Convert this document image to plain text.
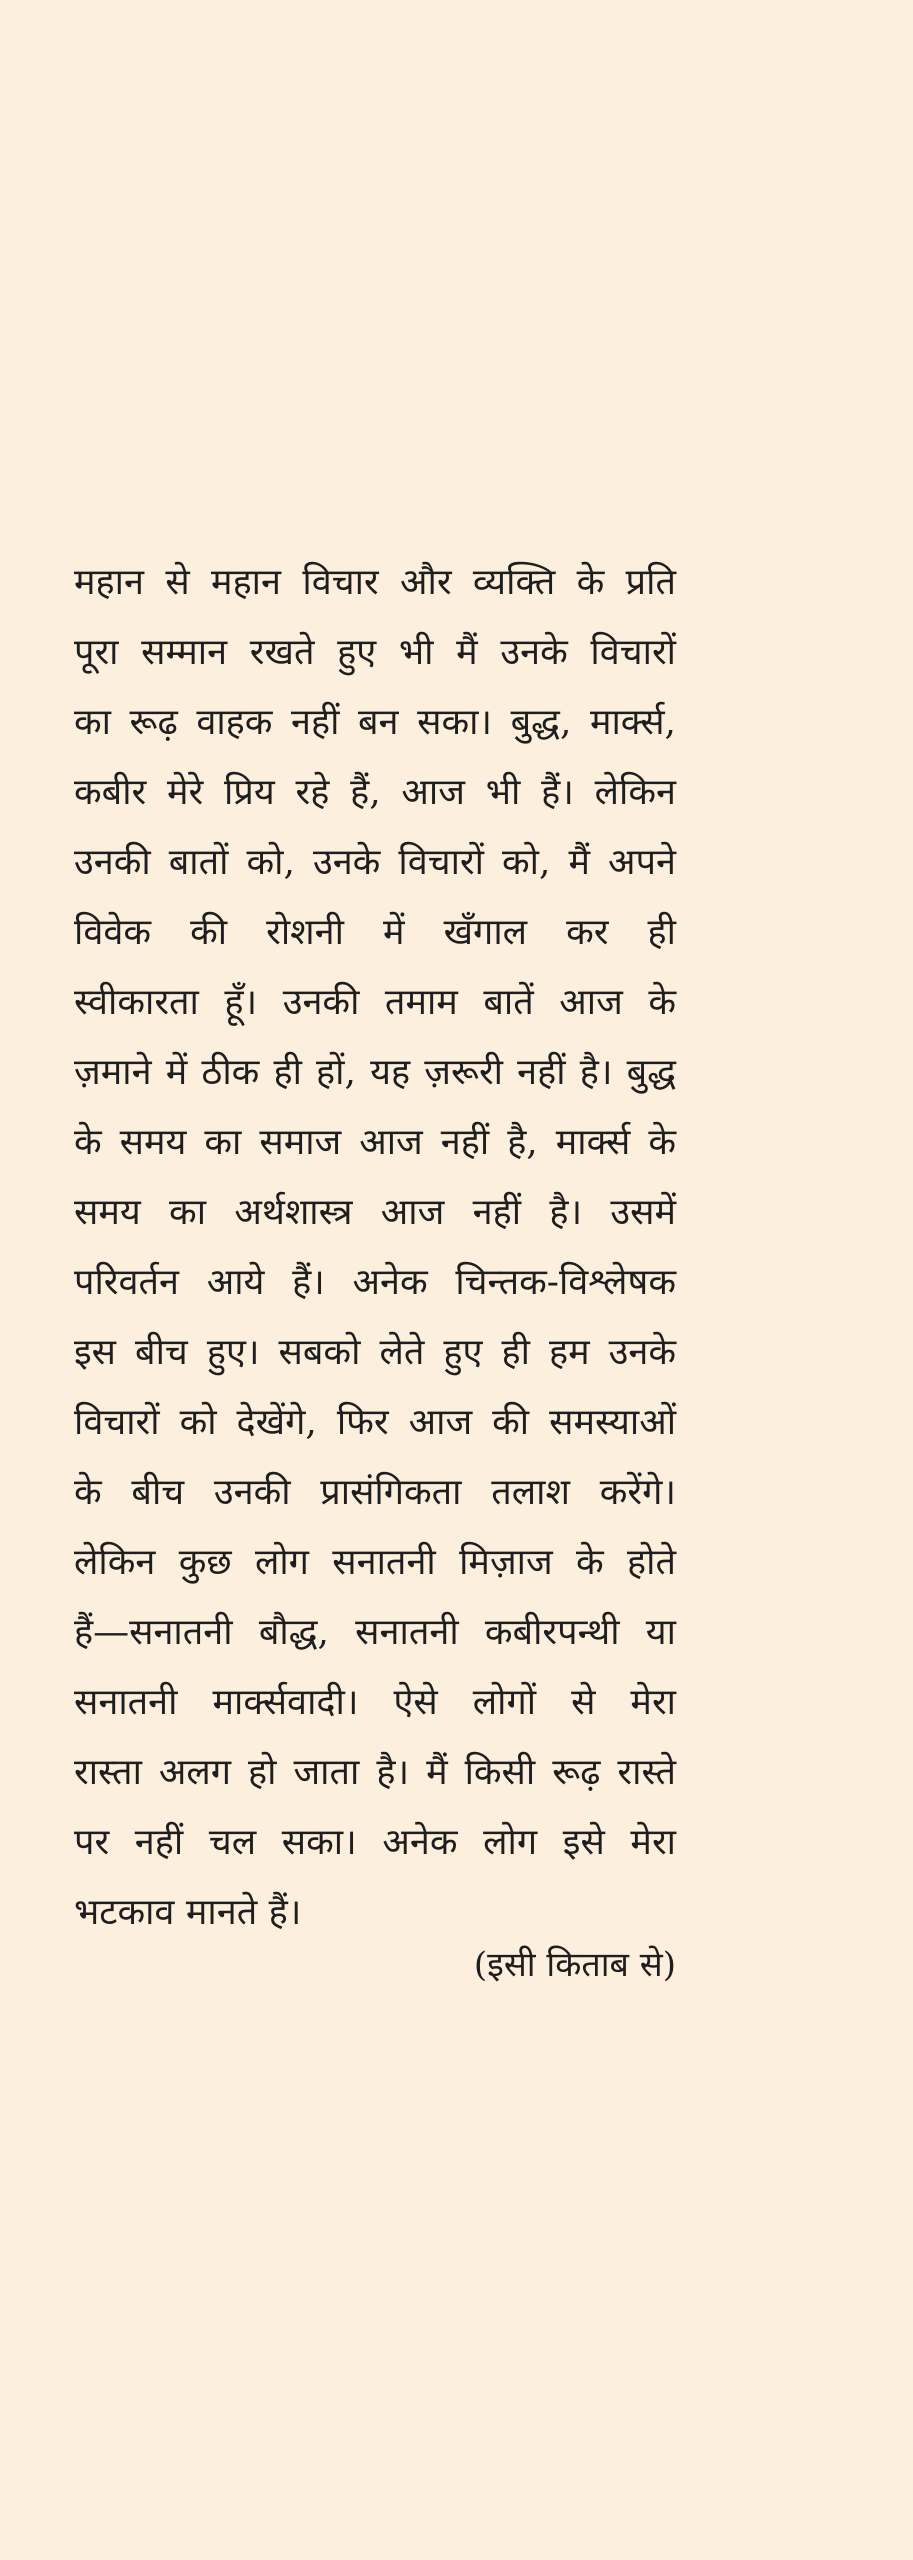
महान से महान विचार और व्यक्ति के प्रति
पूरा सम्मान रखते हुए भी मैं उनके विचारों
का रूढ़ वाहक नहीं बन सका। बुद्ध, मार्क्स,
कबीर मेरे प्रिय रहे हैं, आज भी हैं। लेकिन
उनकी बातों को, उनके विचारों को, मैं अपने
विवेक की रोशनी में खँगाल कर ही
स्वीकारता हूँ। उनकी तमाम बातें आज के
ज़माने में ठीक ही हों, यह ज़रूरी नहीं है। बुद्ध
के समय का समाज आज नहीं है, मार्क्स के
समय का अर्थशास्त्र आज नहीं है। उसमें
परिवर्तन आये हैं। अनेक चिन्तक-विश्लेषक
इस बीच हुए। सबको लेते हुए ही हम उनके
विचारों को देखेंगे, फिर आज की समस्याओं
के बीच उनकी प्रासंगिकता तलाश करेंगे।
लेकिन कुछ लोग सनातनी मिज़ाज के होते
हैं—सनातनी बौद्ध, सनातनी कबीरपन्थी या
सनातनी मार्क्सवादी। ऐसे लोगों से मेरा
रास्ता अलग हो जाता है। मैं किसी रूढ़ रास्ते
पर नहीं चल सका। अनेक लोग इसे मेरा
भटकाव मानते हैं।
(इसी किताब से)
